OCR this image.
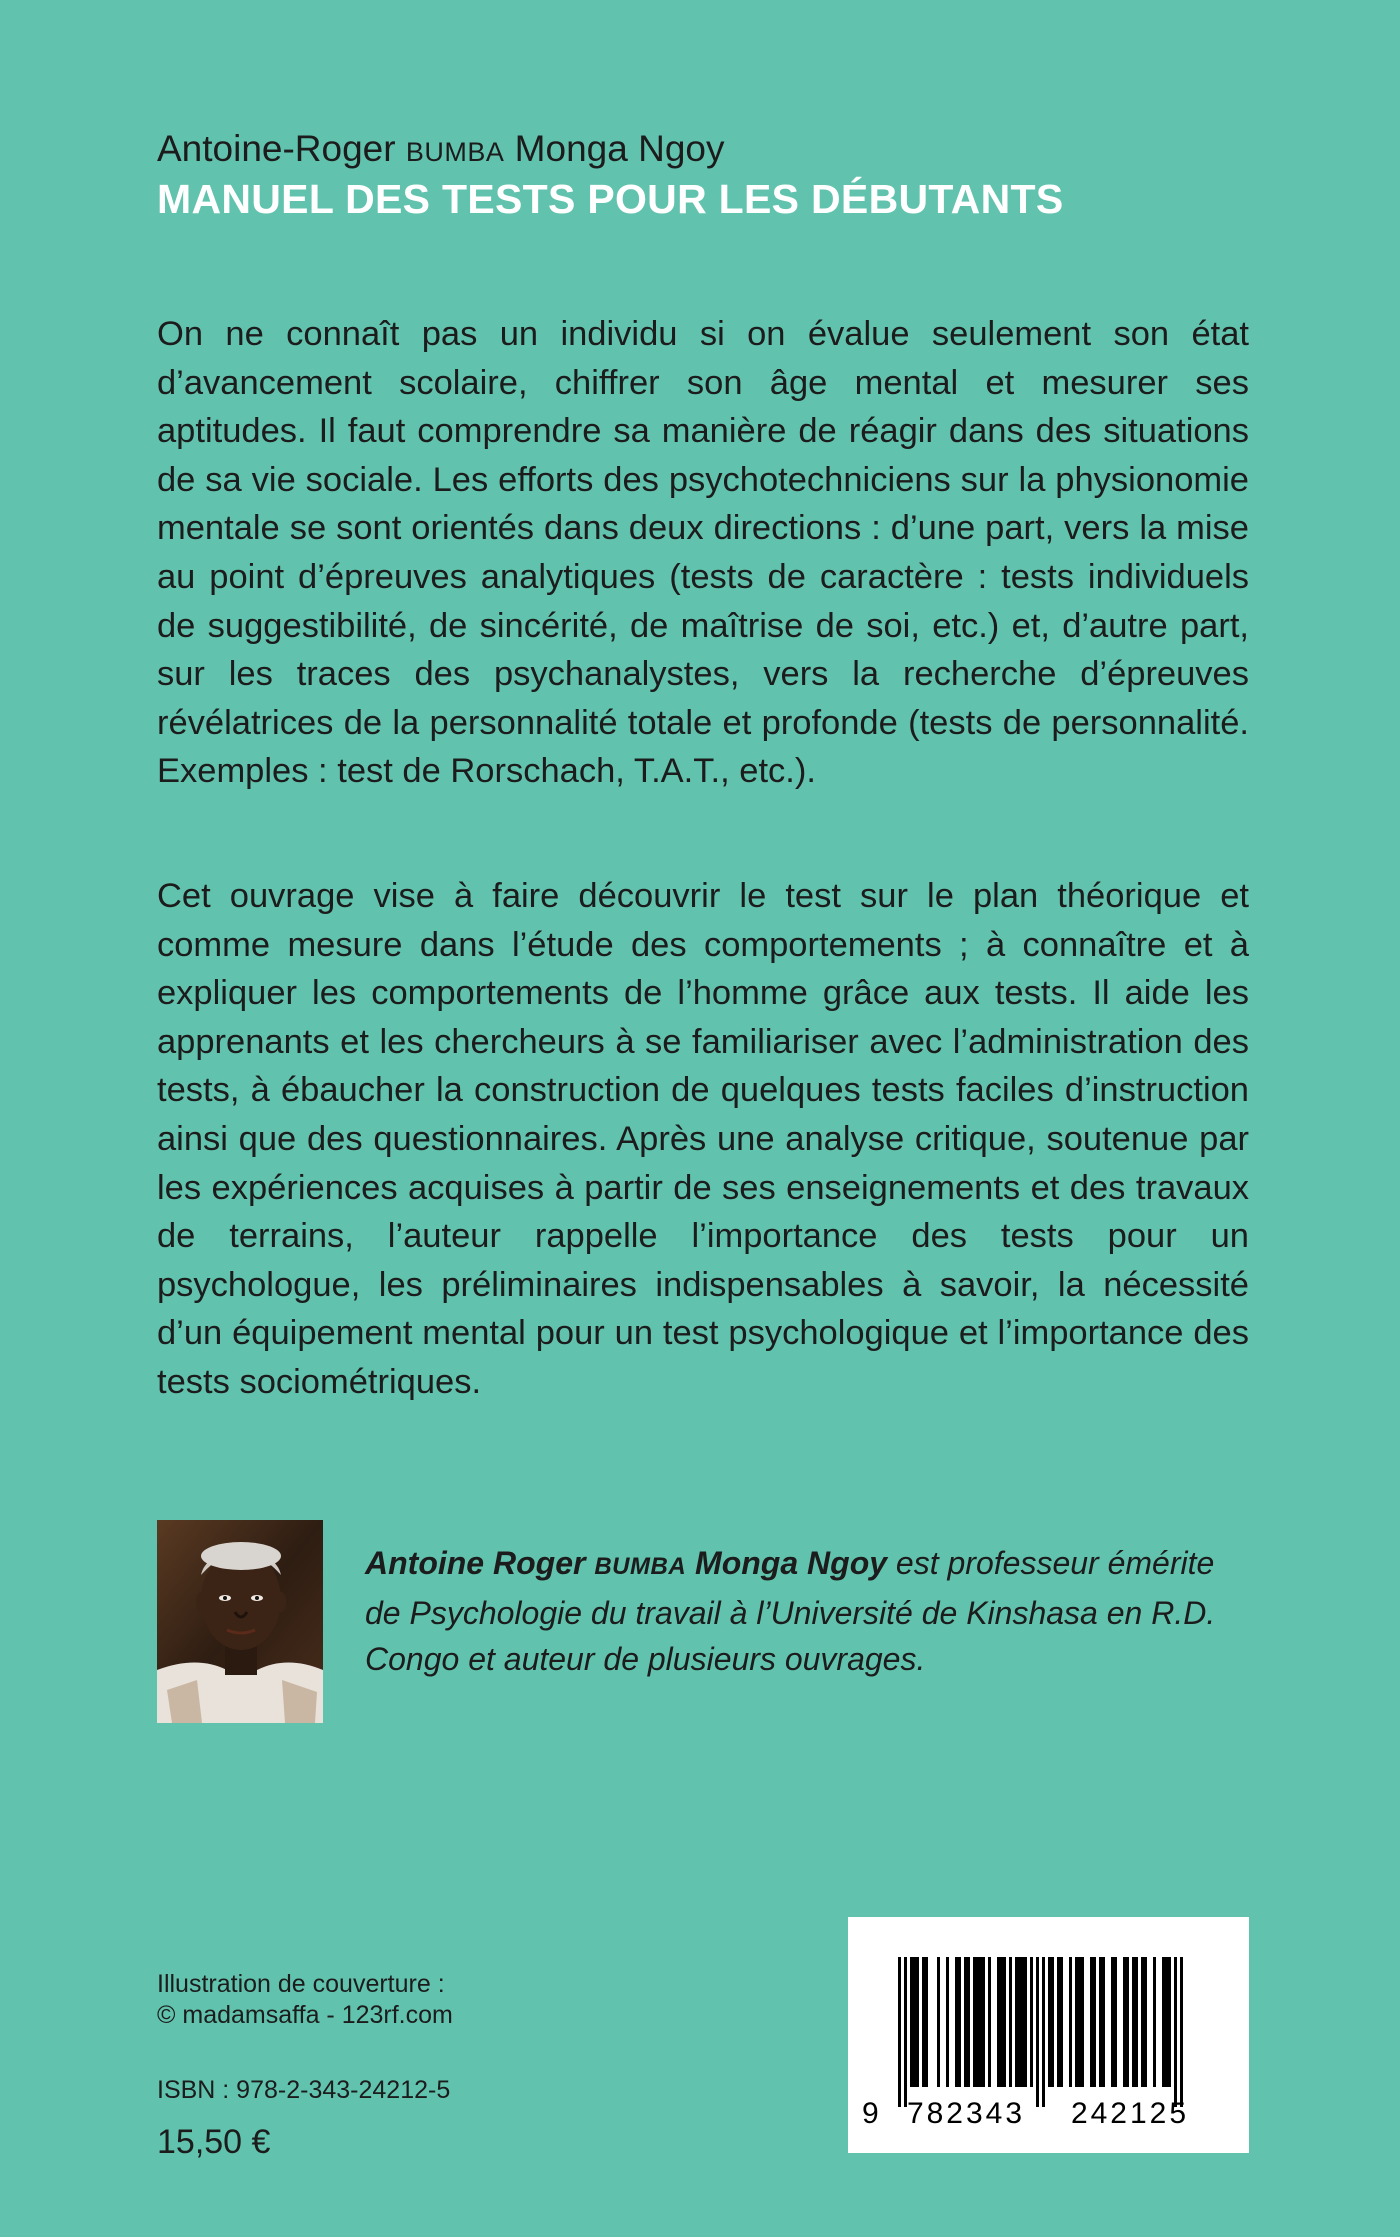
Antoine-Roger BUMBA Monga Ngoy
MANUEL DES TESTS POUR LES DÉBUTANTS

On ne connaît pas un individu si on évalue seulement son état d’avancement scolaire, chiffrer son âge mental et mesurer ses aptitudes. Il faut comprendre sa manière de réagir dans des situations de sa vie sociale. Les efforts des psychotechniciens sur la physionomie mentale se sont orientés dans deux directions : d’une part, vers la mise au point d’épreuves analytiques (tests de caractère : tests individuels de suggestibilité, de sincérité, de maîtrise de soi, etc.) et, d’autre part, sur les traces des psychanalystes, vers la recherche d’épreuves révélatrices de la personnalité totale et profonde (tests de personnalité. Exemples : test de Rorschach, T.A.T., etc.).

Cet ouvrage vise à faire découvrir le test sur le plan théorique et comme mesure dans l’étude des comportements ; à connaître et à expliquer les comportements de l’homme grâce aux tests. Il aide les apprenants et les chercheurs à se familiariser avec l’administration des tests, à ébaucher la construction de quelques tests faciles d’instruction ainsi que des questionnaires. Après une analyse critique, soutenue par les expériences acquises à partir de ses enseignements et des travaux de terrains, l’auteur rappelle l’importance des tests pour un psychologue, les préliminaires indispensables à savoir, la nécessité d’un équipement mental pour un test psychologique et l’importance des tests sociométriques.

Antoine Roger BUMBA Monga Ngoy est professeur émérite de Psychologie du travail à l’Université de Kinshasa en R.D. Congo et auteur de plusieurs ouvrages.

Illustration de couverture :
© madamsaffa - 123rf.com
ISBN : 978-2-343-24212-5
15,50 €
9 782343 242125
